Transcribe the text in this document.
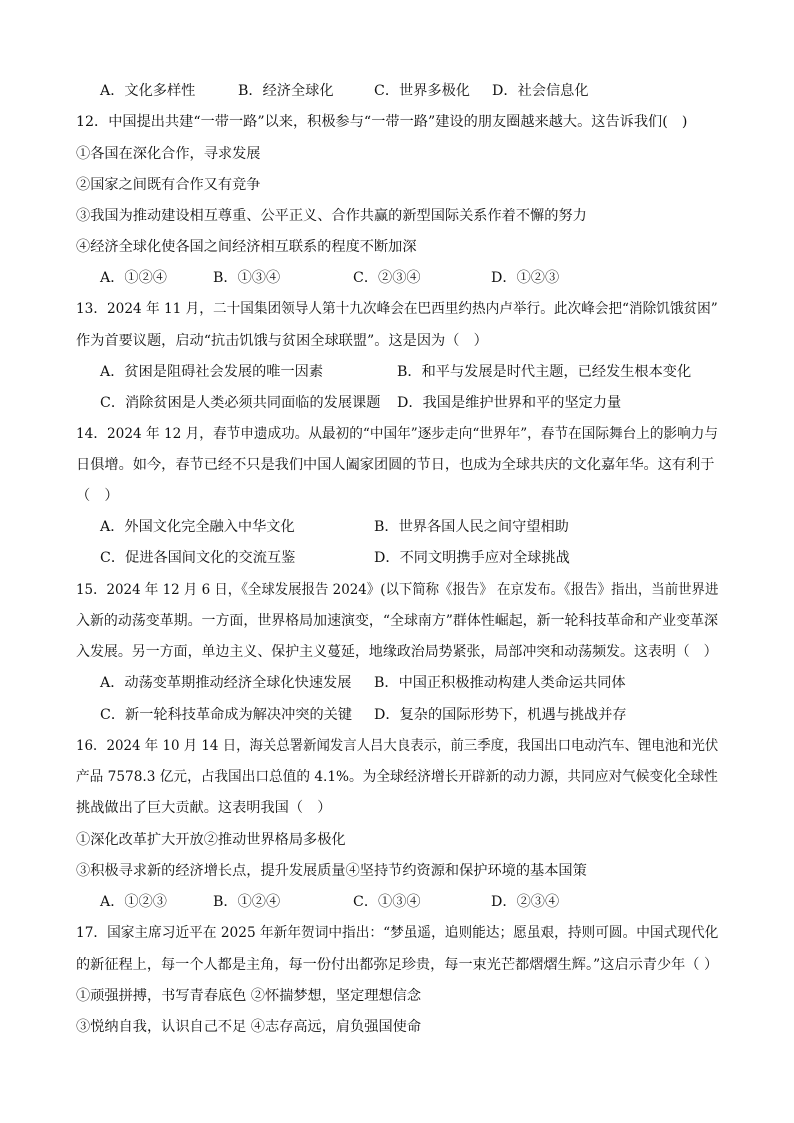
A．文化多样性	B．经济全球化	C．世界多极化 D．社会信息化
12．中国提出共建“一带一路”以来，积极参与“一带一路”建设的朋友圈越来越大。这告诉我们(　)
①各国在深化合作，寻求发展
②国家之间既有合作又有竞争
③我国为推动建设相互尊重、公平正义、合作共赢的新型国际关系作着不懈的努力
④经济全球化使各国之间经济相互联系的程度不断加深
A．①②④	B．①③④	C．②③④	D．①②③
13．2024 年 11 月，二十国集团领导人第十九次峰会在巴西里约热内卢举行。此次峰会把“消除饥饿贫困”
作为首要议题，启动“抗击饥饿与贫困全球联盟”。这是因为（　）
A．贫困是阻碍社会发展的唯一因素	B．和平与发展是时代主题，已经发生根本变化
C．消除贫困是人类必须共同面临的发展课题 D．我国是维护世界和平的坚定力量
14．2024 年 12 月，春节申遗成功。从最初的“中国年”逐步走向“世界年”，春节在国际舞台上的影响力与
日俱增。如今，春节已经不只是我们中国人阖家团圆的节日，也成为全球共庆的文化嘉年华。这有利于
（　）
A．外国文化完全融入中华文化	B．世界各国人民之间守望相助
C．促进各国间文化的交流互鉴	D．不同文明携手应对全球挑战
15．2024 年 12 月 6 日，《全球发展报告 2024》(以下简称《报告》 在京发布。《报告》指出，当前世界进
入新的动荡变革期。一方面，世界格局加速演变，“全球南方”群体性崛起，新一轮科技革命和产业变革深
入发展。另一方面，单边主义、保护主义蔓延，地缘政治局势紧张，局部冲突和动荡频发。这表明（　）
A．动荡变革期推动经济全球化快速发展 B．中国正积极推动构建人类命运共同体
C．新一轮科技革命成为解决冲突的关键 D．复杂的国际形势下，机遇与挑战并存
16．2024 年 10 月 14 日，海关总署新闻发言人吕大良表示，前三季度，我国出口电动汽车、锂电池和光伏
产品 7578.3 亿元，占我国出口总值的 4.1%。为全球经济增长开辟新的动力源，共同应对气候变化全球性
挑战做出了巨大贡献。这表明我国（　）
①深化改革扩大开放②推动世界格局多极化
③积极寻求新的经济增长点，提升发展质量④坚持节约资源和保护环境的基本国策
A．①②③	B．①②④	C．①③④	D．②③④
17．国家主席习近平在 2025 年新年贺词中指出：“梦虽遥，追则能达；愿虽艰，持则可圆。中国式现代化
的新征程上，每一个人都是主角，每一份付出都弥足珍贵，每一束光芒都熠熠生辉。”这启示青少年（ ）
①顽强拼搏，书写青春底色 ②怀揣梦想，坚定理想信念
③悦纳自我，认识自己不足 ④志存高远，肩负强国使命
